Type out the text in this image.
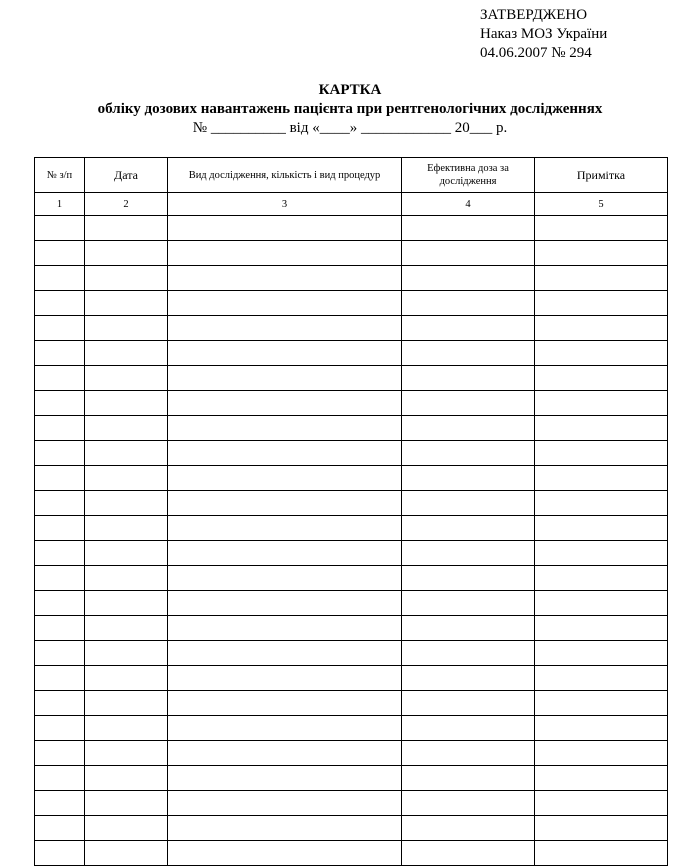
ЗАТВЕРДЖЕНО
Наказ МОЗ України
04.06.2007 № 294
КАРТКА
обліку дозових навантажень пацієнта при рентгенологічних дослідженнях
№ __________ від «____» ____________ 20___ р.
№ з/п	Дата	Вид дослідження, кількість і вид процедур	Ефективна доза за дослідження	Примітка
1	2	3	4	5
